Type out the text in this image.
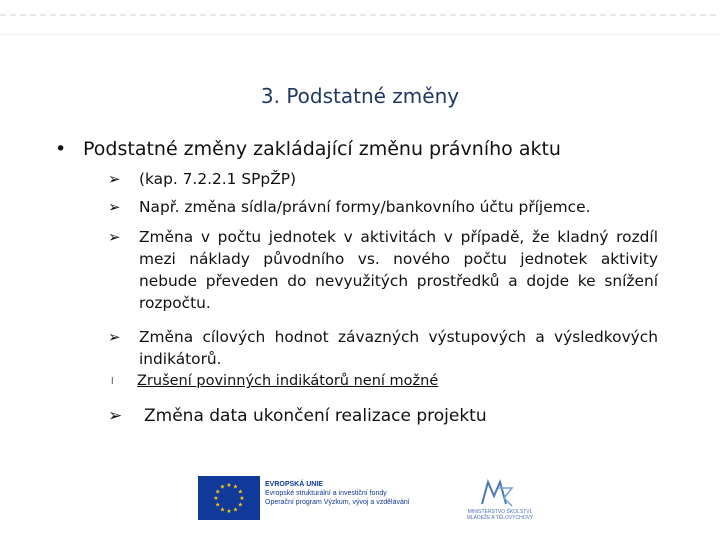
3. Podstatné změny
• Podstatné změny zakládající změnu právního aktu
➢	(kap. 7.2.2.1 SPpŽP)
➢	Např. změna sídla/právní formy/bankovního účtu příjemce.
➢	Změna v počtu jednotek v aktivitách v případě, že kladný rozdíl mezi náklady původního vs. nového počtu jednotek aktivity nebude převeden do nevyužitých prostředků a dojde ke snížení rozpočtu.
➢	Změna cílových hodnot závazných výstupových a výsledkových indikátorů.
l Zrušení povinných indikátorů není možné
➢ Změna data ukončení realizace projektu
★ ★
★
★
★
★
★
★
★
★
★
★	EVROPSKÁ UNIE
Evropské strukturální a investiční fondy
Operační program Výzkum, vývoj a vzdělávání
MINISTERSTVO ŠKOLSTVÍ, MLÁDEŽE A TĚLOVÝCHOVY
